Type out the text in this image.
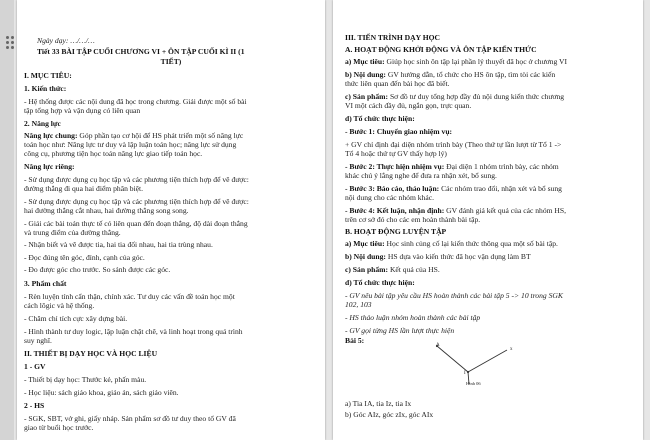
Ngày dạy: …/…/…
Tiết 33 BÀI TẬP CUỐI CHƯƠNG VI + ÔN TẬP CUỐI KÌ II (1
TIẾT)
I. MỤC TIÊU:
1. Kiến thức:
- Hệ thống được các nội dung đã học trong chương. Giải được một số bài
tập tổng hợp và vận dụng có liên quan
2. Năng lực
Năng lực chung: Góp phần tạo cơ hội để HS phát triển một số năng lực
toán học như: Năng lực tư duy và lập luận toán học; năng lực sử dụng
công cụ, phương tiện học toán năng lực giao tiếp toán học.
Năng lực riêng:
- Sử dụng được dụng cụ học tập và các phương tiện thích hợp để vẽ được:
đường thẳng đi qua hai điểm phân biệt.
- Sử dụng được dụng cụ học tập và các phương tiện thích hợp để vẽ được:
hai đường thẳng cắt nhau, hai đường thẳng song song.
- Giải các bài toán thực tế có liên quan đến đoạn thẳng, độ dài đoạn thẳng
và trung điểm của đường thẳng.
- Nhận biết và vẽ được tia, hai tia đối nhau, hai tia trùng nhau.
- Đọc đúng tên góc, đỉnh, cạnh của góc.
- Đo được góc cho trước. So sánh được các góc.
3. Phẩm chất
- Rèn luyện tính cẩn thận, chính xác. Tư duy các vấn đề toán học một
cách lôgic và hệ thống.
- Chăm chỉ tích cực xây dựng bài.
- Hình thành tư duy logic, lập luận chặt chẽ, và linh hoạt trong quá trình
suy nghĩ.
II. THIẾT BỊ DẠY HỌC VÀ HỌC LIỆU
1 - GV
- Thiết bị dạy học: Thước kẻ, phấn màu.
- Học liệu: sách giáo khoa, giáo án, sách giáo viên.
2 - HS
- SGK, SBT, vở ghi, giấy nháp. Sản phẩm sơ đồ tư duy theo tổ GV đã
giao từ buổi học trước.
III. TIẾN TRÌNH DẠY HỌC
A. HOẠT ĐỘNG KHỞI ĐỘNG VÀ ÔN TẬP KIẾN THỨC
a) Mục tiêu: Giúp học sinh ôn tập lại phần lý thuyết đã học ở chương VI
b) Nội dung: GV hướng dẫn, tổ chức cho HS ôn tập, tìm tòi các kiến
thức liên quan đến bài học đã biết.
c) Sản phẩm: Sơ đồ tư duy tổng hợp đầy đủ nội dung kiến thức chương
VI một cách đầy đủ, ngắn gọn, trực quan.
d) Tổ chức thực hiện:
- Bước 1: Chuyển giao nhiệm vụ:
+ GV chỉ định đại diện nhóm trình bày (Theo thứ tự lần lượt từ Tổ 1 ->
Tổ 4 hoặc thứ tự GV thấy hợp lý)
- Bước 2: Thực hiện nhiệm vụ: Đại diện 1 nhóm trình bày, các nhóm
khác chú ý lắng nghe để đưa ra nhận xét, bổ sung.
- Bước 3: Báo cáo, thảo luận: Các nhóm trao đổi, nhận xét và bổ sung
nội dung cho các nhóm khác.
- Bước 4: Kết luận, nhận định: GV đánh giá kết quả của các nhóm HS,
trên cơ sở đó cho các em hoàn thành bài tập.
B. HOẠT ĐỘNG LUYỆN TẬP
a) Mục tiêu: Học sinh củng cố lại kiến thức thông qua một số bài tập.
b) Nội dung: HS dựa vào kiến thức đã học vận dụng làm BT
c) Sản phẩm: Kết quả của HS.
d) Tổ chức thực hiện:
- GV nêu bài tập yêu cầu HS hoàn thành các bài tập 5 -> 10 trong SGK
102, 103
- HS thảo luận nhóm hoàn thành các bài tập
- GV gọi từng HS lần lượt thực hiện
Bài 5:
A
x
I
Hình 06
a) Tia IA, tia Iz, tia Ix
b) Góc AIz, góc zIx, góc AIx
